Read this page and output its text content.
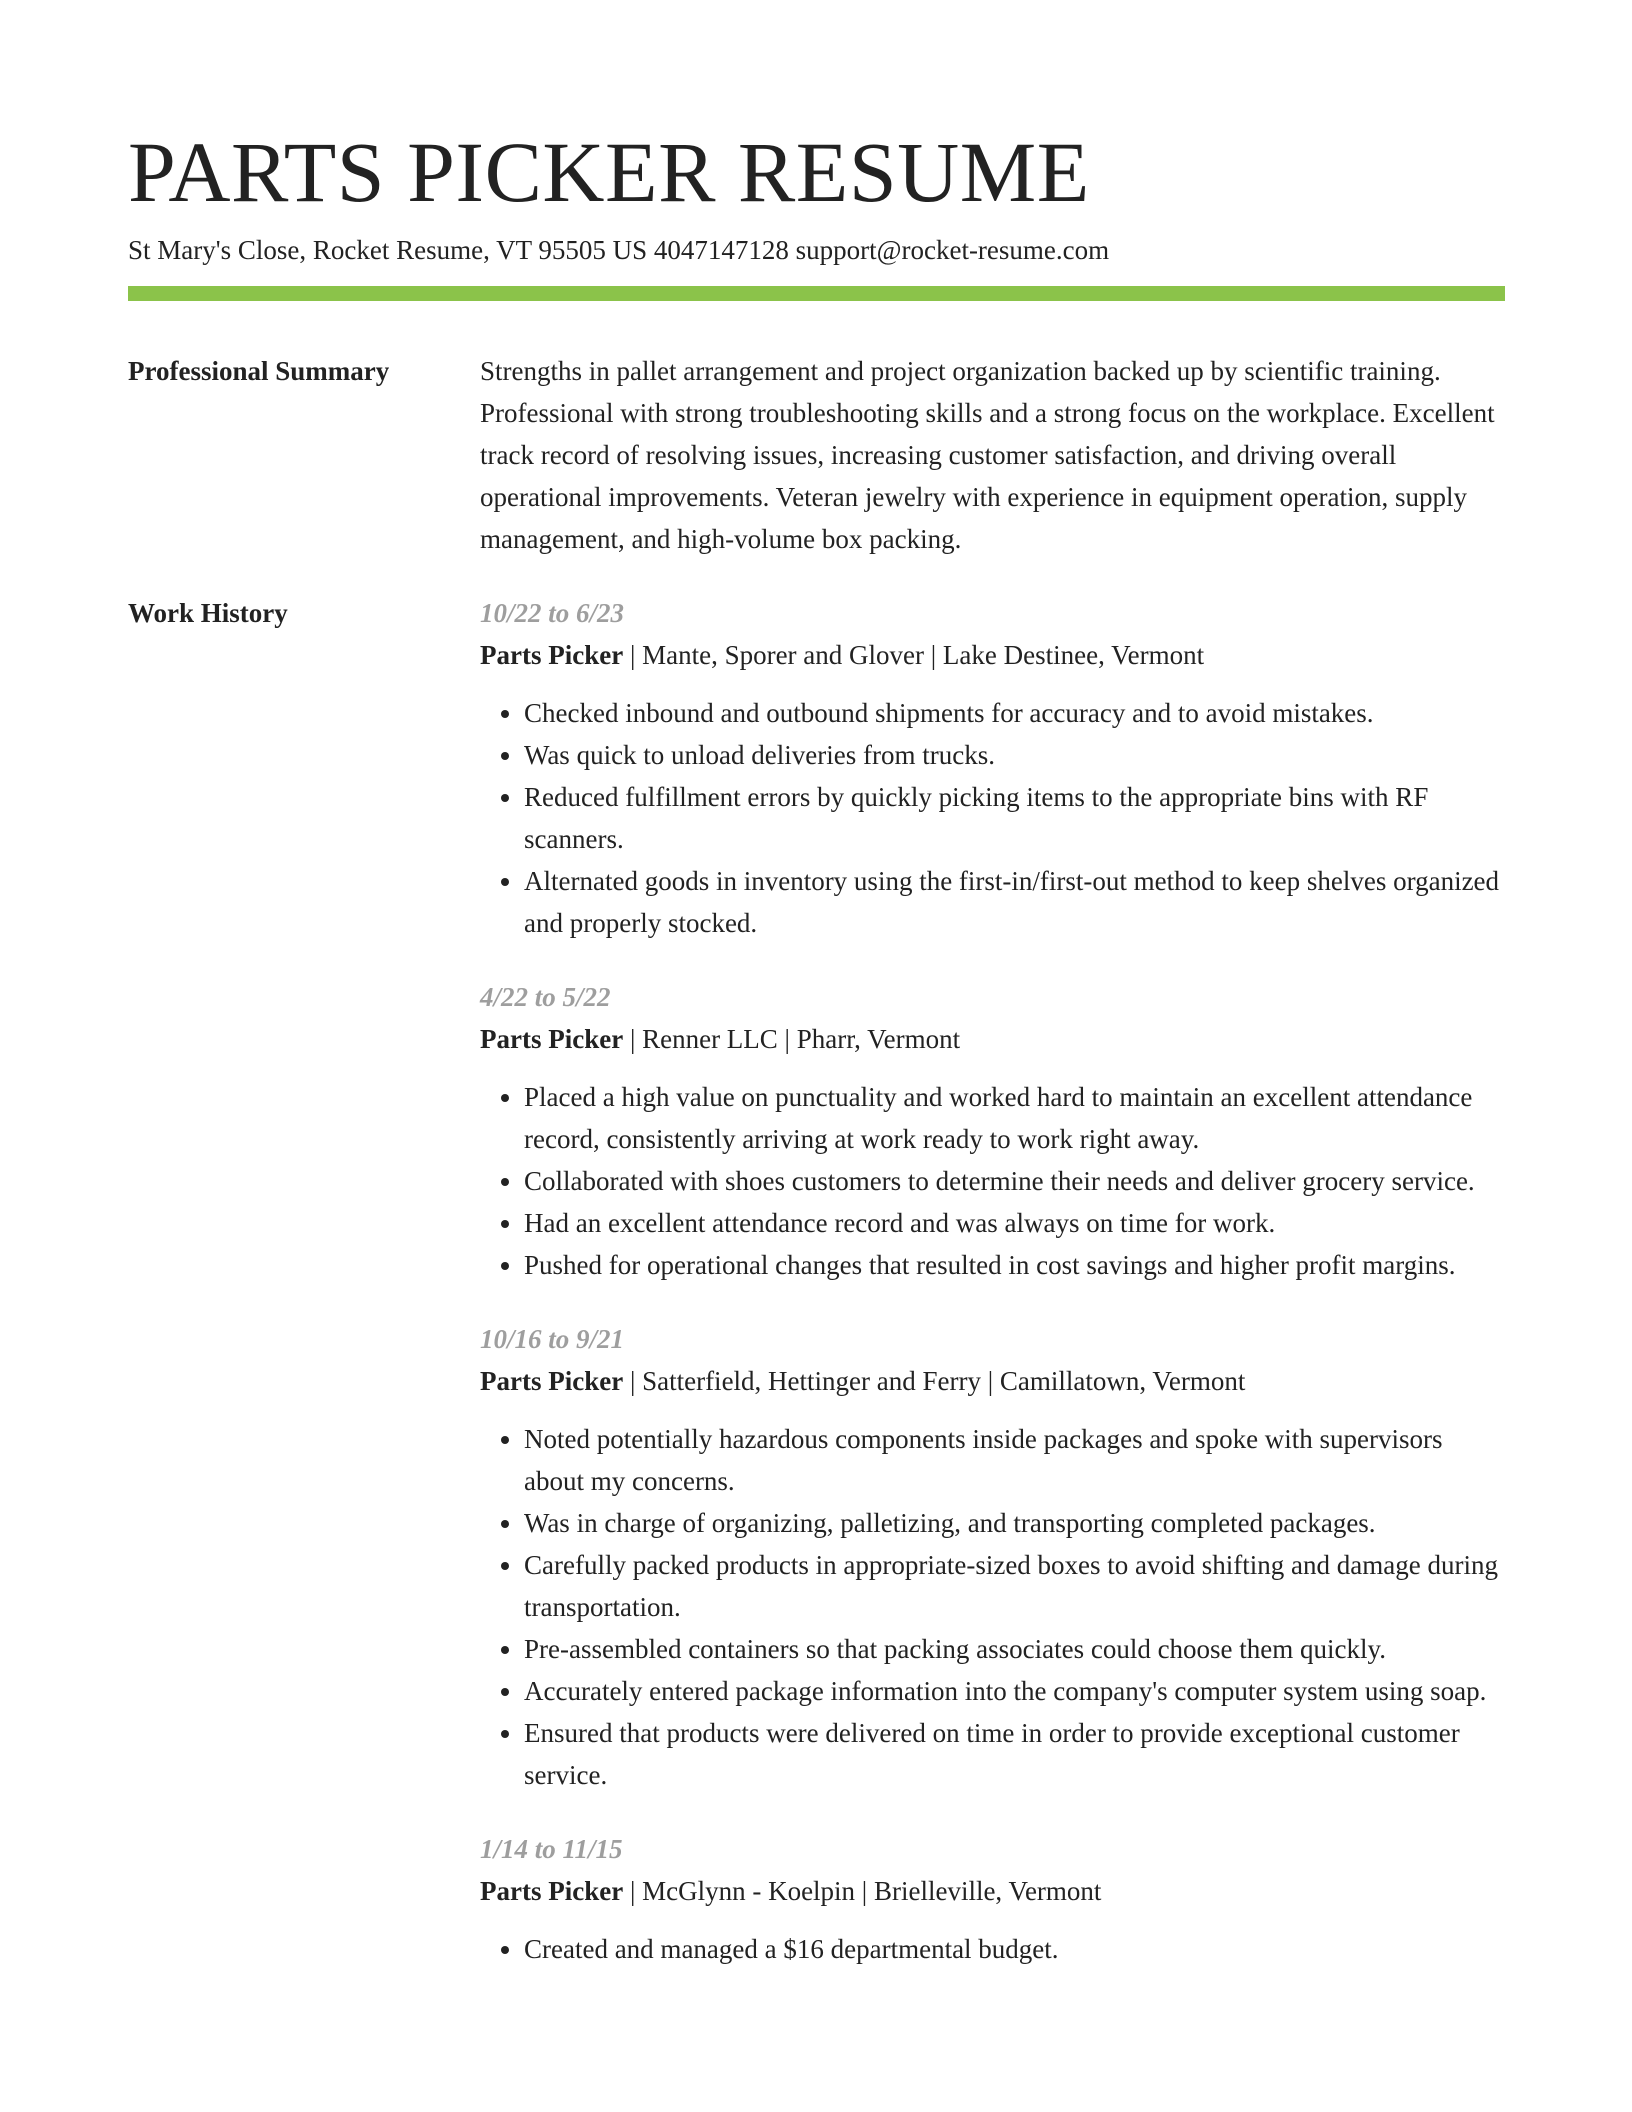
PARTS PICKER RESUME
St Mary's Close, Rocket Resume, VT 95505 US 4047147128 support@rocket-resume.com
Professional Summary	Strengths in pallet arrangement and project organization backed up by scientific training. Professional with strong troubleshooting skills and a strong focus on the workplace. Excellent track record of resolving issues, increasing customer satisfaction, and driving overall operational improvements. Veteran jewelry with experience in equipment operation, supply management, and high-volume box packing.

Work History	10/22 to 6/23
Parts Picker | Mante, Sporer and Glover | Lake Destinee, Vermont
• Checked inbound and outbound shipments for accuracy and to avoid mistakes.
• Was quick to unload deliveries from trucks.
• Reduced fulfillment errors by quickly picking items to the appropriate bins with RF scanners.
• Alternated goods in inventory using the first-in/first-out method to keep shelves organized and properly stocked.
4/22 to 5/22
Parts Picker | Renner LLC | Pharr, Vermont
• Placed a high value on punctuality and worked hard to maintain an excellent attendance record, consistently arriving at work ready to work right away.
• Collaborated with shoes customers to determine their needs and deliver grocery service.
• Had an excellent attendance record and was always on time for work.
• Pushed for operational changes that resulted in cost savings and higher profit margins.
10/16 to 9/21
Parts Picker | Satterfield, Hettinger and Ferry | Camillatown, Vermont
• Noted potentially hazardous components inside packages and spoke with supervisors about my concerns.
• Was in charge of organizing, palletizing, and transporting completed packages.
• Carefully packed products in appropriate-sized boxes to avoid shifting and damage during transportation.
• Pre-assembled containers so that packing associates could choose them quickly.
• Accurately entered package information into the company's computer system using soap.
• Ensured that products were delivered on time in order to provide exceptional customer service.
1/14 to 11/15
Parts Picker | McGlynn - Koelpin | Brielleville, Vermont
• Created and managed a $16 departmental budget.
